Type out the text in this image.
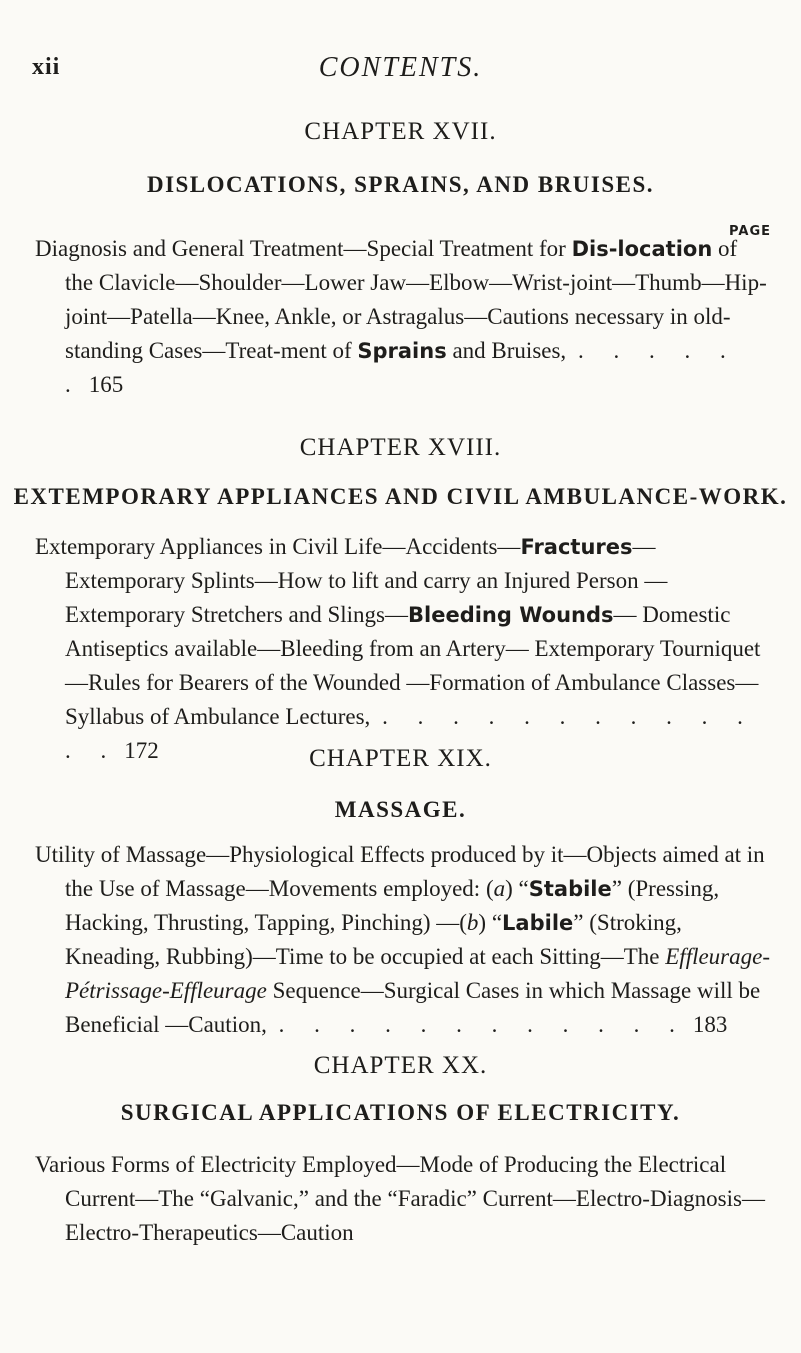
xii	CONTENTS.
CHAPTER XVII.
DISLOCATIONS, SPRAINS, AND BRUISES.
PAGE

Diagnosis and General Treatment—Special Treatment for Dis-location of the Clavicle—Shoulder—Lower Jaw—Elbow—Wrist-joint—Thumb—Hip-joint—Patella—Knee, Ankle, or Astragalus—Cautions necessary in old-standing Cases—Treat-ment of Sprains and Bruises, . . . . . . 165

CHAPTER XVIII.
EXTEMPORARY APPLIANCES AND CIVIL AMBULANCE-WORK.

Extemporary Appliances in Civil Life—Accidents—Fractures— Extemporary Splints—How to lift and carry an Injured Person —Extemporary Stretchers and Slings—Bleeding Wounds— Domestic Antiseptics available—Bleeding from an Artery— Extemporary Tourniquet—Rules for Bearers of the Wounded —Formation of Ambulance Classes—Syllabus of Ambulance Lectures, . . . . . . . . . . . . . 172	CHAPTER XIX.
MASSAGE.

Utility of Massage—Physiological Effects produced by it—Objects aimed at in the Use of Massage—Movements employed: (a) “Stabile” (Pressing, Hacking, Thrusting, Tapping, Pinching) —(b) “Labile” (Stroking, Kneading, Rubbing)—Time to be occupied at each Sitting—The Effleurage-Pétrissage-Effleurage Sequence—Surgical Cases in which Massage will be Beneficial —Caution, . . . . . . . . . . . . 183

CHAPTER XX.
SURGICAL APPLICATIONS OF ELECTRICITY.

Various Forms of Electricity Employed—Mode of Producing the Electrical Current—The “Galvanic,” and the “Faradic” Current—Electro-Diagnosis—Electro-Therapeutics—Caution
